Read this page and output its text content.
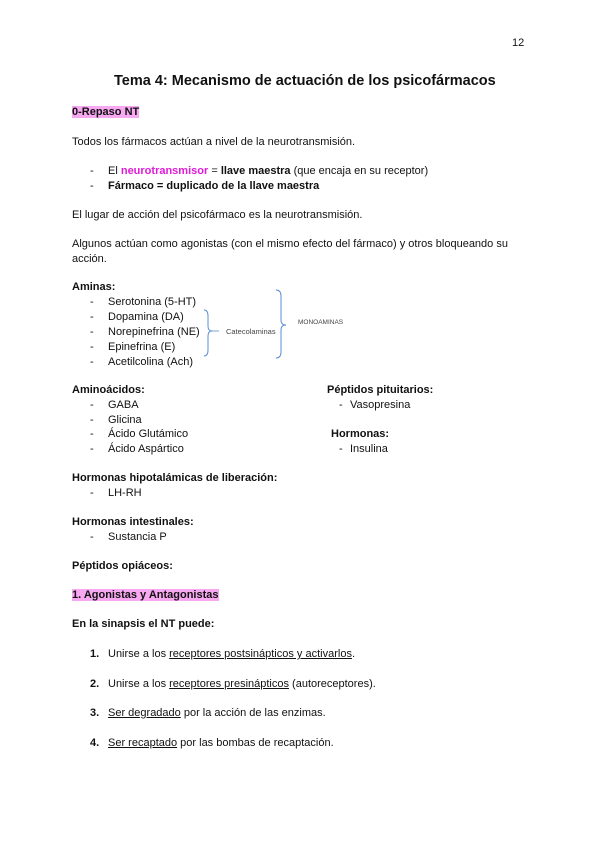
12
Tema 4: Mecanismo de actuación de los psicofármacos
0-Repaso NT
Todos los fármacos actúan a nivel de la neurotransmisión.
- El neurotransmisor = llave maestra (que encaja en su receptor)
- Fármaco = duplicado de la llave maestra
El lugar de acción del psicofármaco es la neurotransmisión.
Algunos actúan como agonistas (con el mismo efecto del fármaco) y otros bloqueando su
acción.
Aminas:
- Serotonina (5-HT)
- Dopamina (DA)
- Norepinefrina (NE)
- Epinefrina (E)
- Acetilcolina (Ach)
Catecolaminas
MONOAMINAS
Aminoácidos:
- GABA
- Glicina
- Ácido Glutámico
- Ácido Aspártico
Péptidos pituitarios:
- Vasopresina
Hormonas:
- Insulina
Hormonas hipotalámicas de liberación:
- LH-RH
Hormonas intestinales:
- Sustancia P
Péptidos opiáceos:
1. Agonistas y Antagonistas
En la sinapsis el NT puede:
1. Unirse a los receptores postsinápticos y activarlos.
2. Unirse a los receptores presinápticos (autoreceptores).
3. Ser degradado por la acción de las enzimas.
4. Ser recaptado por las bombas de recaptación.
